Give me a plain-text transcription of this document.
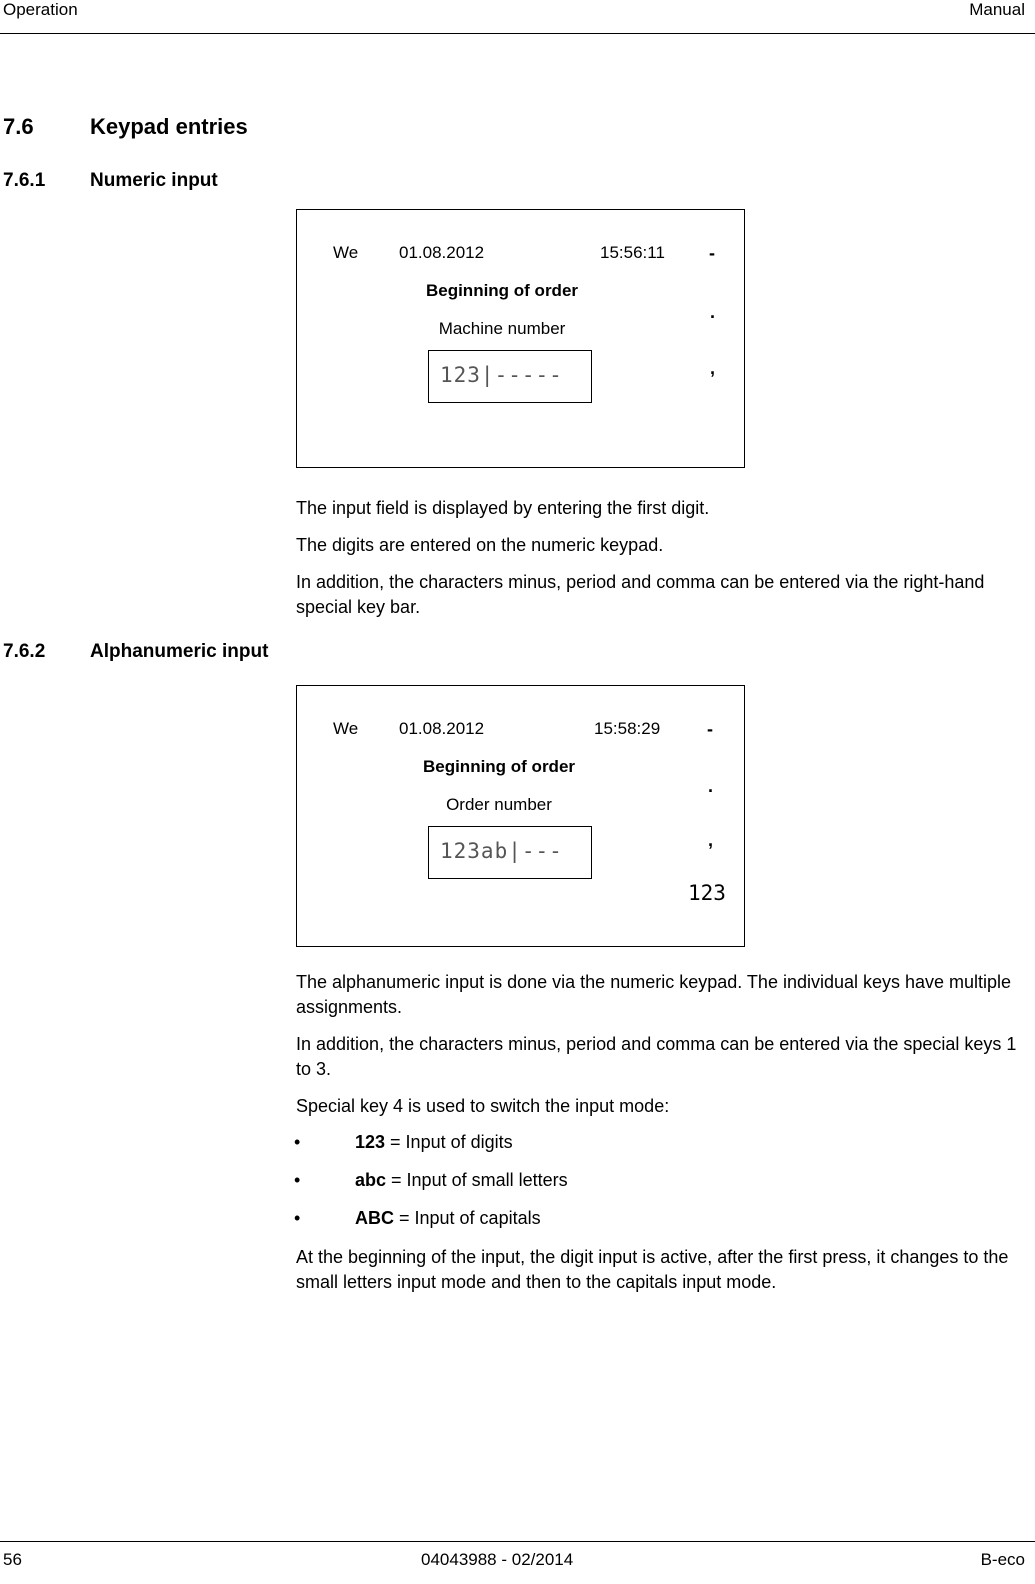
Operation	Manual
7.6	Keypad entries
7.6.1 Numeric input
We 01.08.2012	15:56:11
Beginning of order
Machine number
123|-----
-
.
,
The input field is displayed by entering the first digit.
The digits are entered on the numeric keypad.
In addition, the characters minus, period and comma can be entered via the right-hand special key bar.
7.6.2 Alphanumeric input
We 01.08.2012	15:58:29
Beginning of order
Order number
123ab|---
-
.
,
123
The alphanumeric input is done via the numeric keypad. The individual keys have multiple assignments.
In addition, the characters minus, period and comma can be entered via the special keys 1 to 3.
Special key 4 is used to switch the input mode:
•	123 = Input of digits
•	abc = Input of small letters
•	ABC = Input of capitals
At the beginning of the input, the digit input is active, after the first press, it changes to the small letters input mode and then to the capitals input mode.
56	04043988 - 02/2014	B-eco
